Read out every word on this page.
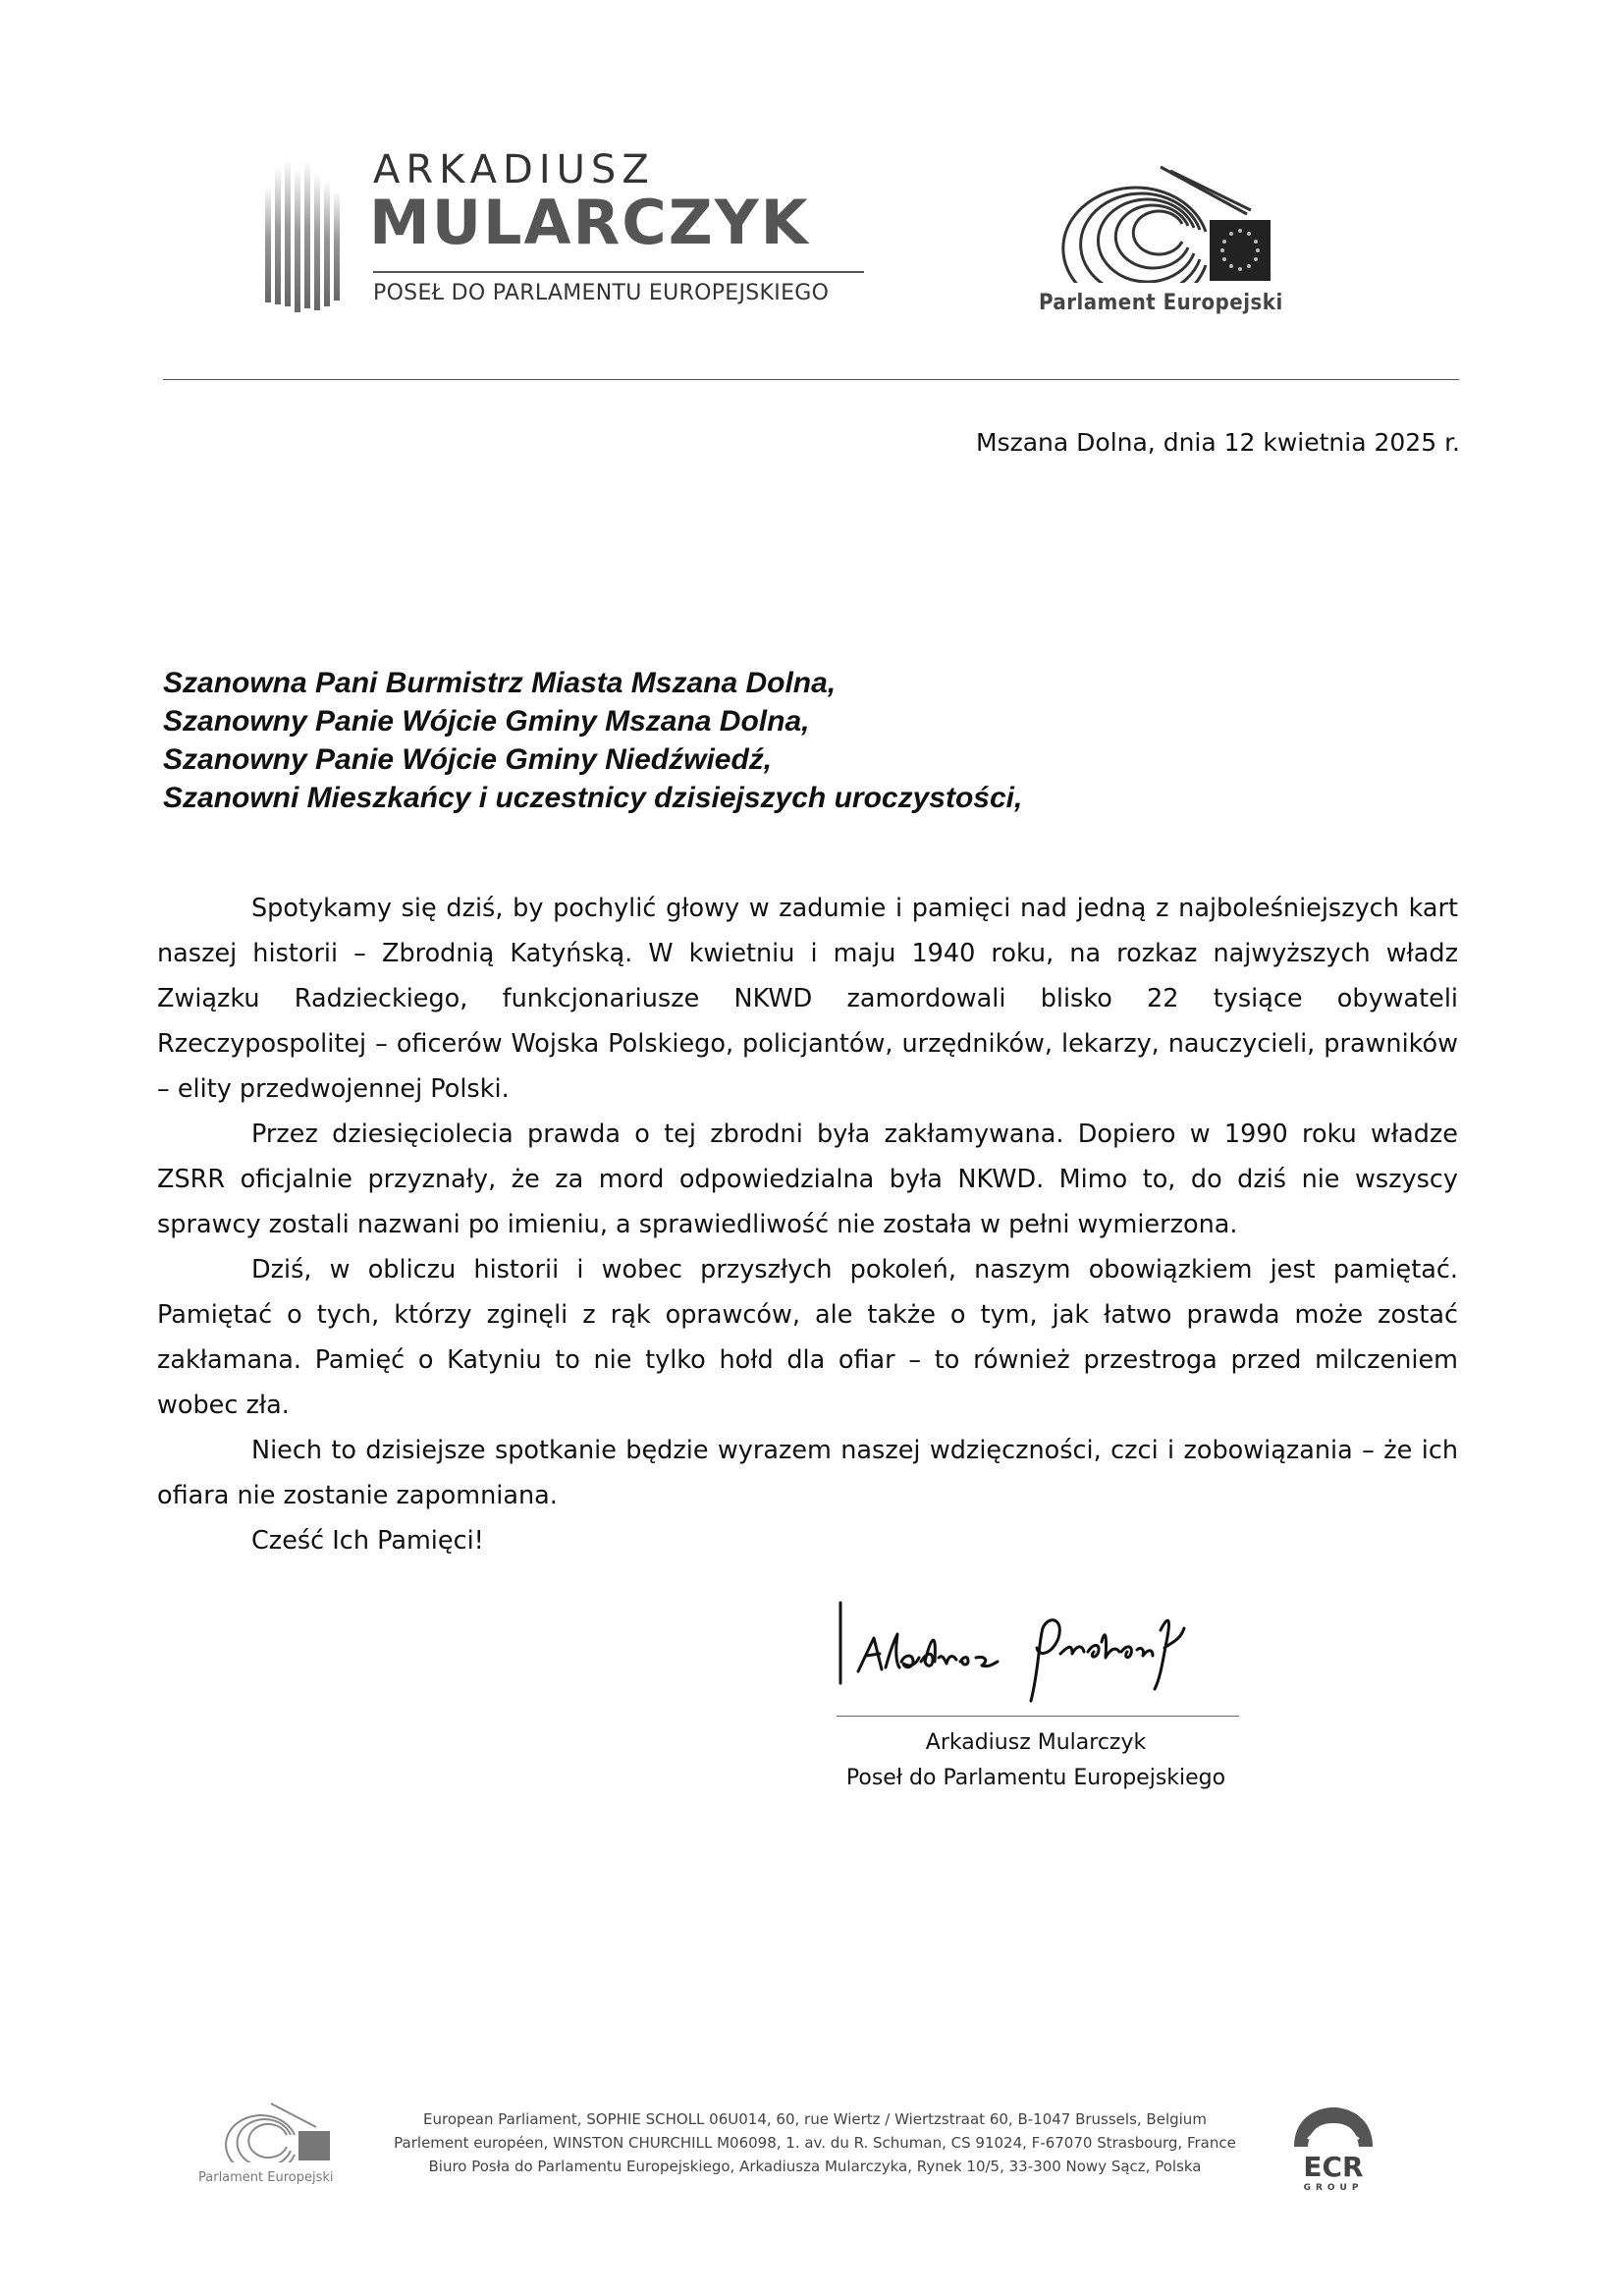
ARKADIUSZ
MULARCZYK
POSEŁ DO PARLAMENTU EUROPEJSKIEGO	Parlament Europejski
Mszana Dolna, dnia 12 kwietnia 2025 r.
Szanowna Pani Burmistrz Miasta Mszana Dolna,
Szanowny Panie Wójcie Gminy Mszana Dolna,
Szanowny Panie Wójcie Gminy Niedźwiedź,
Szanowni Mieszkańcy i uczestnicy dzisiejszych uroczystości,

Spotykamy się dziś, by pochylić głowy w zadumie i pamięci nad jedną z najboleśniejszych kart naszej historii – Zbrodnią Katyńską. W kwietniu i maju 1940 roku, na rozkaz najwyższych władz Związku Radzieckiego, funkcjonariusze NKWD zamordowali blisko 22 tysiące obywateli Rzeczypospolitej – oficerów Wojska Polskiego, policjantów, urzędników, lekarzy, nauczycieli, prawników – elity przedwojennej Polski.

Przez dziesięciolecia prawda o tej zbrodni była zakłamywana. Dopiero w 1990 roku władze ZSRR oficjalnie przyznały, że za mord odpowiedzialna była NKWD. Mimo to, do dziś nie wszyscy sprawcy zostali nazwani po imieniu, a sprawiedliwość nie została w pełni wymierzona.

Dziś, w obliczu historii i wobec przyszłych pokoleń, naszym obowiązkiem jest pamiętać. Pamiętać o tych, którzy zginęli z rąk oprawców, ale także o tym, jak łatwo prawda może zostać zakłamana. Pamięć o Katyniu to nie tylko hołd dla ofiar – to również przestroga przed milczeniem wobec zła.

Niech to dzisiejsze spotkanie będzie wyrazem naszej wdzięczności, czci i zobowiązania – że ich ofiara nie zostanie zapomniana.

Cześć Ich Pamięci!

Arkadiusz Mularczyk
Poseł do Parlamentu Europejskiego
Parlament Europejski
European Parliament, SOPHIE SCHOLL 06U014, 60, rue Wiertz / Wiertzstraat 60, B-1047 Brussels, Belgium
Parlement européen, WINSTON CHURCHILL M06098, 1. av. du R. Schuman, CS 91024, F-67070 Strasbourg, France
Biuro Posła do Parlamentu Europejskiego, Arkadiusza Mularczyka, Rynek 10/5, 33-300 Nowy Sącz, Polska	ECR
GROUP
